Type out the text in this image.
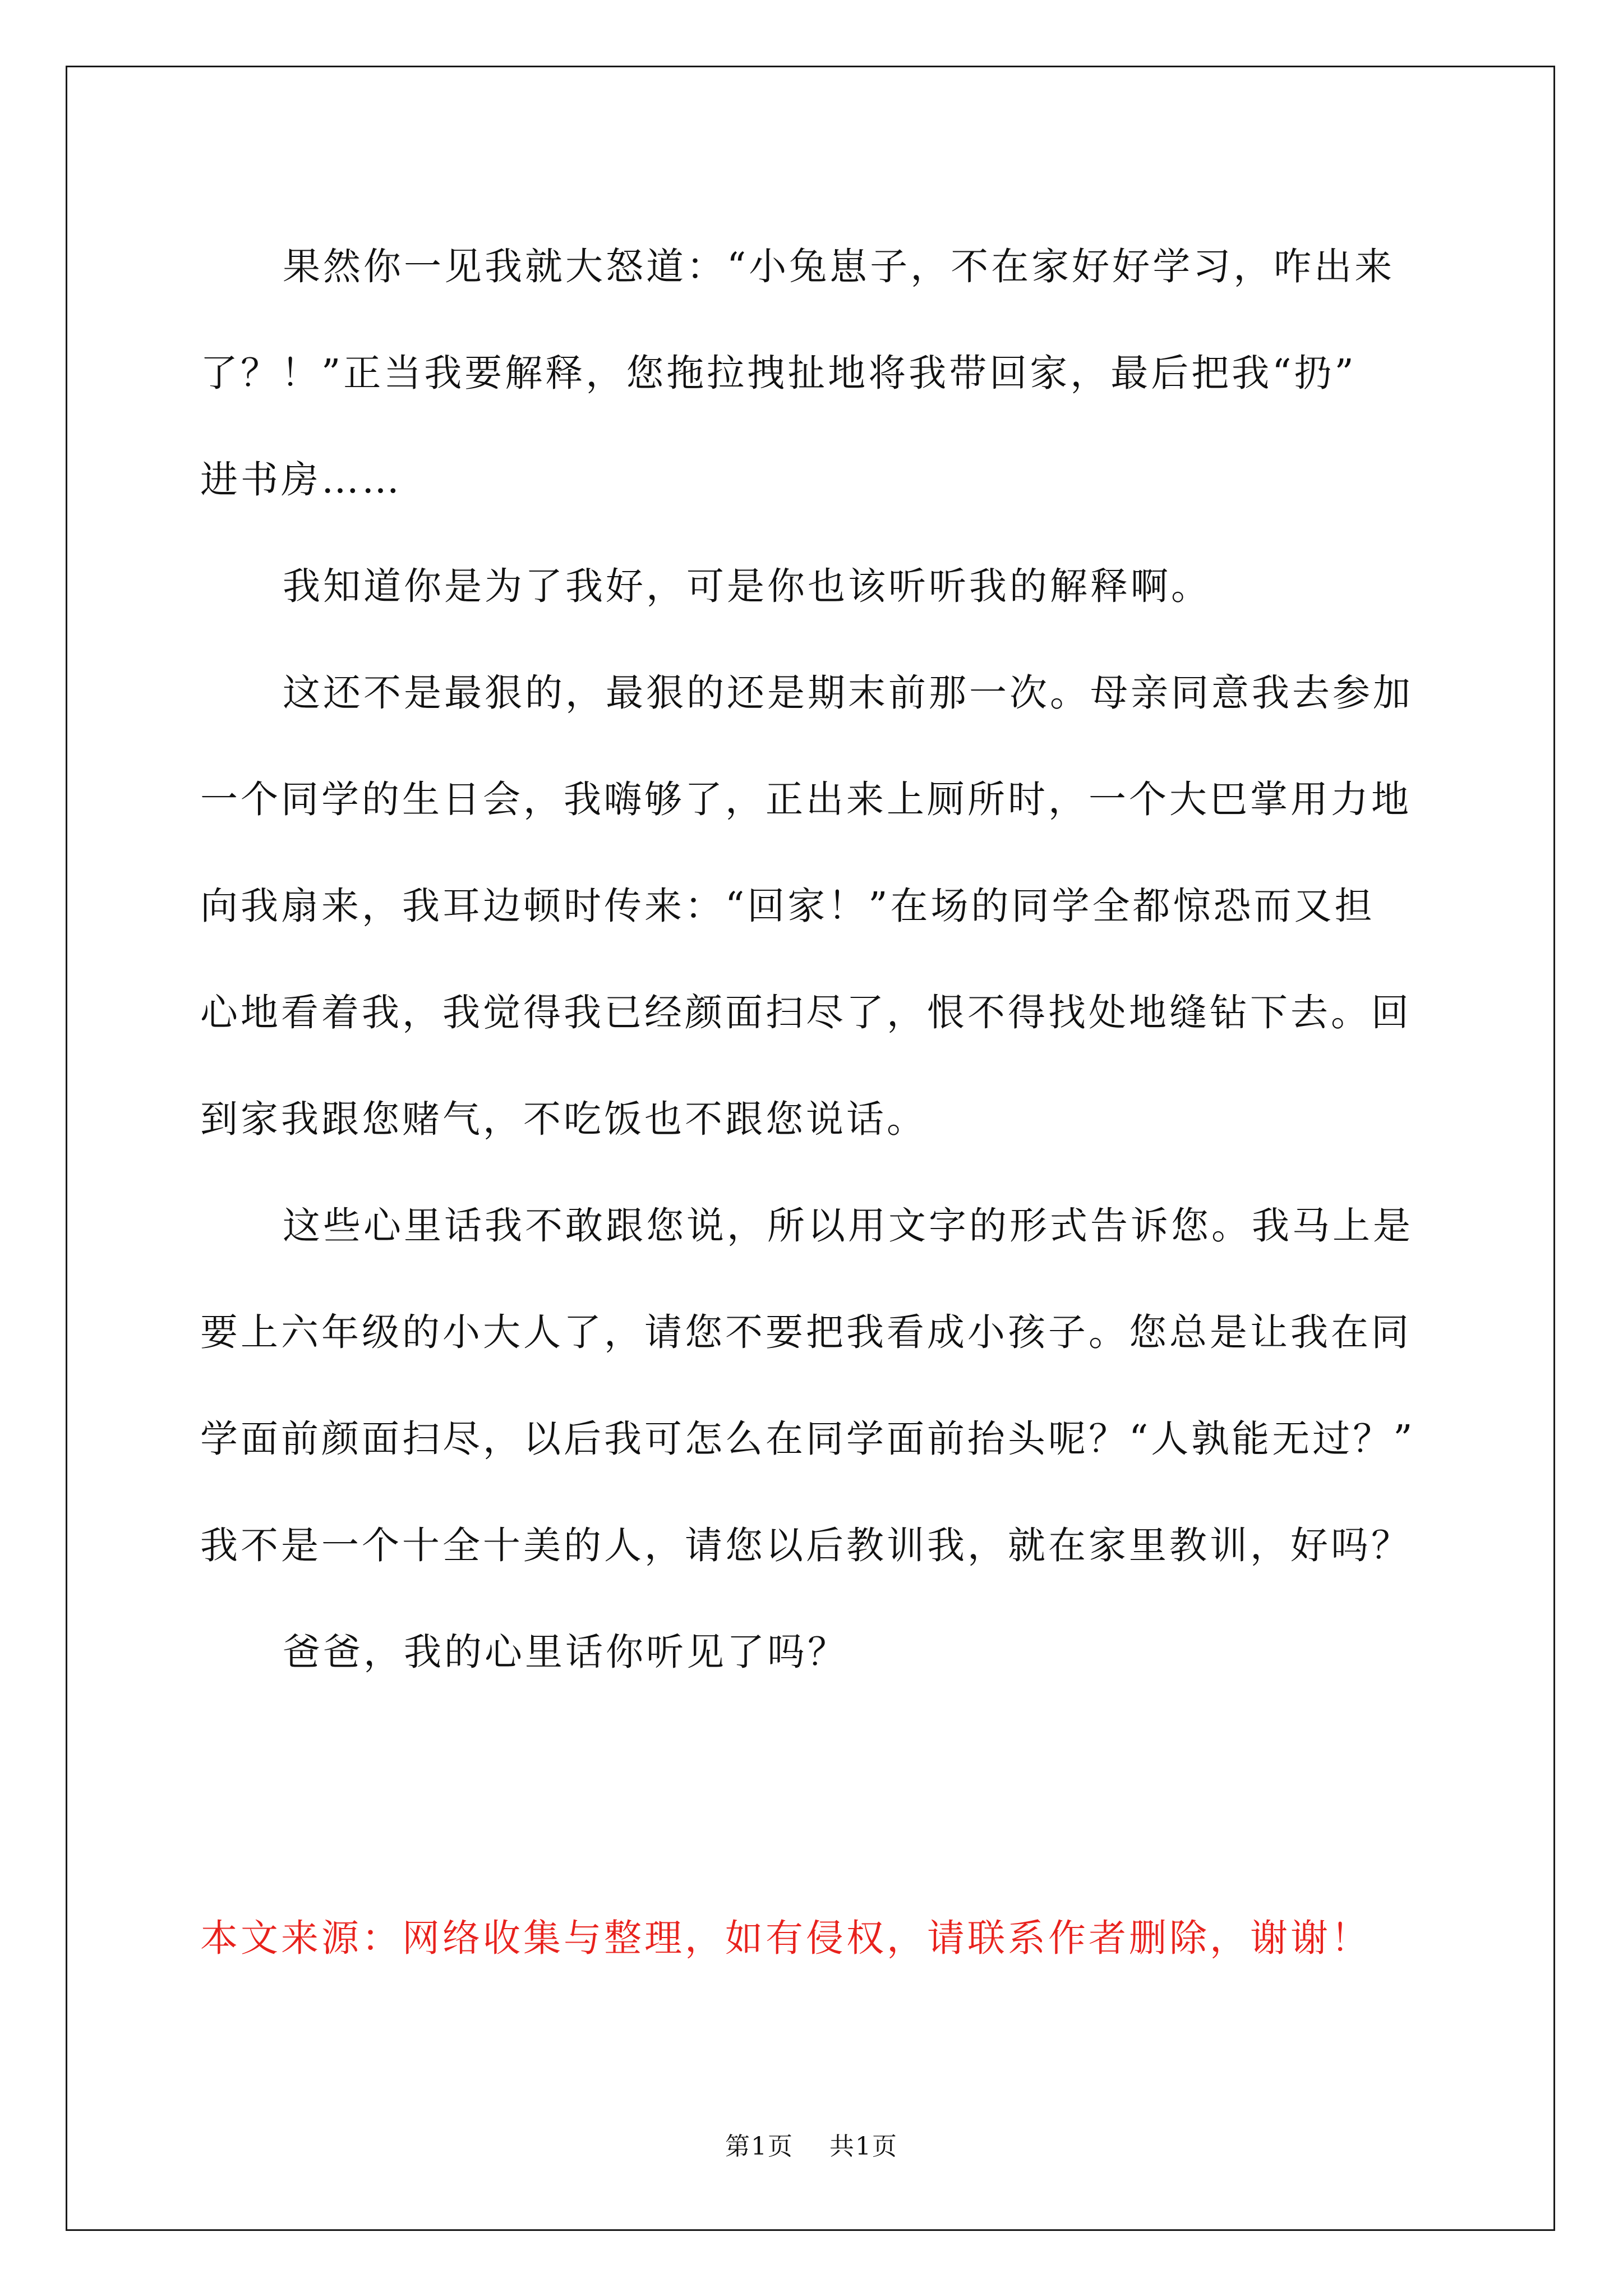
果然你一见我就大怒道：“小兔崽子，不在家好好学习，咋出来
了？！”正当我要解释，您拖拉拽扯地将我带回家，最后把我“扔”
进书房……
我知道你是为了我好，可是你也该听听我的解释啊。
这还不是最狠的，最狠的还是期末前那一次。母亲同意我去参加
一个同学的生日会，我嗨够了，正出来上厕所时，一个大巴掌用力地
向我扇来，我耳边顿时传来：“回家！”在场的同学全都惊恐而又担
心地看着我，我觉得我已经颜面扫尽了，恨不得找处地缝钻下去。回
到家我跟您赌气，不吃饭也不跟您说话。
这些心里话我不敢跟您说，所以用文字的形式告诉您。我马上是
要上六年级的小大人了，请您不要把我看成小孩子。您总是让我在同
学面前颜面扫尽，以后我可怎么在同学面前抬头呢？“人孰能无过？”
我不是一个十全十美的人，请您以后教训我，就在家里教训，好吗？
爸爸，我的心里话你听见了吗？
本文来源：网络收集与整理，如有侵权，请联系作者删除，谢谢！
第1页 共1页
